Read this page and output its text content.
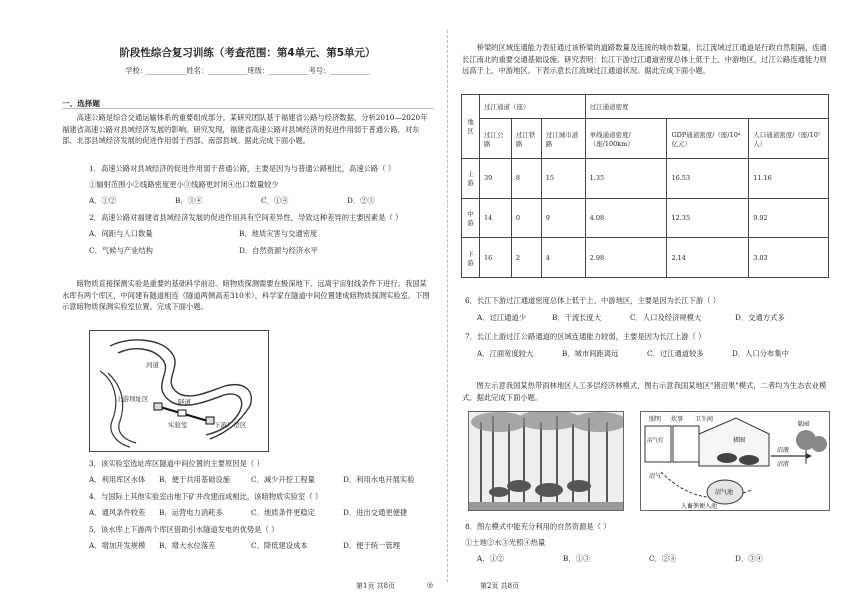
阶段性综合复习训练（考查范围：第4单元、第5单元）
学校：___________姓名：___________班级：___________考号：___________
一、选择题
高速公路是综合交通运输体系的重要组成部分。某研究团队基于福建省公路与经济数据，分析2010—2020年福建省高速公路对县域经济发展的影响。研究发现，福建省高速公路对县域经济的促进作用弱于普通公路，对东部、北部县域经济发展的促进作用弱于西部、南部县域。据此完成下面小题。
1．高速公路对县域经济的促进作用弱于普通公路，主要是因为与普通公路相比，高速公路（ ）
①辐射范围小②线路密度更小③线路更封闭④出口数量较少
A．①②	B．③④	C．①④	D．②③
2．高速公路对福建省县域经济发展的促进作用具有空间差异性，导致这种差异的主要因素是（ ）
A．间距与人口数量	B．地质灾害与交通密度
C．气候与产业结构	D．自然资源与经济水平
暗物质直接探测实验是重要的基础科学前沿。暗物质探测需要在极深地下、远离宇宙射线条件下进行。我国某水库有两个库区，中间建有隧道相连（隧道两侧高差310米），科学家在隧道中间位置建成暗物质探测实验室。下图示意暗物质探测实验室位置。完成下面小题。
河道
上游坝址区	隧道
实验室	下游厂房区
3．该实验室选址库区隧道中间位置的主要原因是（ ）
A．利用库区水体	B．便于共用基础设施	C．减少开挖工程量	D．利用水电开展实验
4．与国际上其他实验室由地下矿井改建而成相比，该暗物质实验室（ ）
A．通风条件较差	B．运营电力消耗多	C．地质条件更稳定	D．进出交通更便捷
5．该水库上下游两个库区借助引水隧道发电的优势是（ ）
A．增加开发规模	B．增大水位落差	C．降低建设成本	D．便于统一管理
桥梁的区域连通能力表征通过该桥梁的道路数量及连接的城市数量，长江流域过江通道是行政自然阻隔，连通长江南北的重要交通基础设施。研究表明：长江下游过江通道密度总体上低于上、中游地区，过江公路连通能力则远高于上、中游地区。下表示意长江流域过江通道状况。据此完成下面小题。
地区	过江通道（座）			过江通道密度		
	过江公路	过江铁路	过江城市道路	单线通道密度/（座/100km）	GDP通道密度/（座/10⁴亿元）	人口通道密度/（座/10⁷人）
上游	39	8	15	1.35	16.53	11.16
中游	14	0	9	4.08	12.35	9.92
下游	16	2	4	2.98	2.14	3.03
6．长江下游过江通道密度总体上低于上、中游地区，主要是因为长江下游（ ）
A．过江通道少	B．干流长度大	C．人口及经济规模大	D．交通方式多
7．长江上游过江公路通道的区域连通能力较弱，主要是因为长江上游（ ）
A．江面宽度较大	B．城市间距离远	C．过江通道较多	D．人口分布集中
图左示意我国某热带雨林地区人工多层经济林模式，图右示意我国某地区"猪沼果"模式，二者均为生态农业模式。据此完成下面小题。
照明 炊事 卫生间
沼气灯	猪圈
沼气
沼液
沼渣
果园
沼气池
人畜粪便入池
8．图左模式中能充分利用的自然资源是（ ）
①土地②水③光照④热量
A．①②	B．①③	C．②④	D．③④
第1页 共8页	◎	第2页 共8页
